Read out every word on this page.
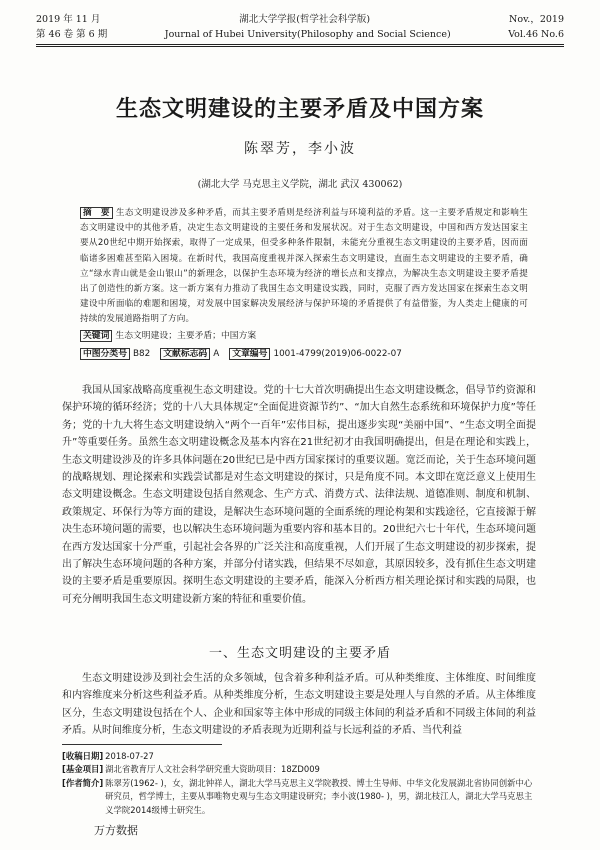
2019 年 11 月	湖北大学学报(哲学社会科学版)	Nov.，2019
第 46 卷 第 6 期	Journal of Hubei University(Philosophy and Social Science)	Vol.46 No.6
生态文明建设的主要矛盾及中国方案
陈翠芳，李小波
(湖北大学 马克思主义学院，湖北 武汉 430062)
摘　要 生态文明建设涉及多种矛盾，而其主要矛盾则是经济利益与环境利益的矛盾。这一主要矛盾规定和影响生态文明建设中的其他矛盾，决定生态文明建设的主要任务和发展状况。对于生态文明建设，中国和西方发达国家主要从20世纪中期开始探索，取得了一定成果，但受多种条件限制，未能充分重视生态文明建设的主要矛盾，因而面临诸多困难甚至陷入困境。在新时代，我国高度重视并深入探索生态文明建设，直面生态文明建设的主要矛盾，确立“绿水青山就是金山银山”的新理念，以保护生态环境为经济的增长点和支撑点，为解决生态文明建设主要矛盾提出了创造性的新方案。这一新方案有力推动了我国生态文明建设实践，同时，克服了西方发达国家在探索生态文明建设中所面临的难题和困境，对发展中国家解决发展经济与保护环境的矛盾提供了有益借鉴，为人类走上健康的可持续的发展道路指明了方向。
关键词 生态文明建设；主要矛盾；中国方案
中图分类号 B82	文献标志码 A	文章编号 1001-4799(2019)06-0022-07
我国从国家战略高度重视生态文明建设。党的十七大首次明确提出生态文明建设概念，倡导节约资源和保护环境的循环经济；党的十八大具体规定“全面促进资源节约”、“加大自然生态系统和环境保护力度”等任务；党的十九大将生态文明建设纳入“两个一百年”宏伟目标，提出逐步实现“美丽中国”、“生态文明全面提升”等重要任务。虽然生态文明建设概念及基本内容在21世纪初才由我国明确提出，但是在理论和实践上，生态文明建设涉及的许多具体问题在20世纪已是中西方国家探讨的重要议题。宽泛而论，关于生态环境问题的战略规划、理论探索和实践尝试都是对生态文明建设的探讨，只是角度不同。本文即在宽泛意义上使用生态文明建设概念。生态文明建设包括自然观念、生产方式、消费方式、法律法规、道德准则、制度和机制、政策规定、环保行为等方面的建设，是解决生态环境问题的全面系统的理论构架和实践途径，它直接源于解决生态环境问题的需要，也以解决生态环境问题为重要内容和基本目的。20世纪六七十年代，生态环境问题在西方发达国家十分严重，引起社会各界的广泛关注和高度重视，人们开展了生态文明建设的初步探索，提出了解决生态环境问题的各种方案，并部分付诸实践，但结果不尽如意，其原因较多，没有抓住生态文明建设的主要矛盾是重要原因。探明生态文明建设的主要矛盾，能深入分析西方相关理论探讨和实践的局限，也可充分阐明我国生态文明建设新方案的特征和重要价值。
一、生态文明建设的主要矛盾
生态文明建设涉及到社会生活的众多领域，包含着多种利益矛盾。可从种类维度、主体维度、时间维度和内容维度来分析这些利益矛盾。从种类维度分析，生态文明建设主要是处理人与自然的矛盾。从主体维度区分，生态文明建设包括在个人、企业和国家等主体中形成的同级主体间的利益矛盾和不同级主体间的利益矛盾。从时间维度分析，生态文明建设的矛盾表现为近期利益与长远利益的矛盾、当代利益
[收稿日期] 2018-07-27
[基金项目] 湖北省教育厅人文社会科学研究重大资助项目：18ZD009
[作者简介] 陈翠芳(1962- )，女，湖北钟祥人，湖北大学马克思主义学院教授、博士生导师、中华文化发展湖北省协同创新中心研究员，哲学博士，主要从事唯物史观与生态文明建设研究；李小波(1980- )，男，湖北枝江人，湖北大学马克思主义学院2014级博士研究生。
万方数据
